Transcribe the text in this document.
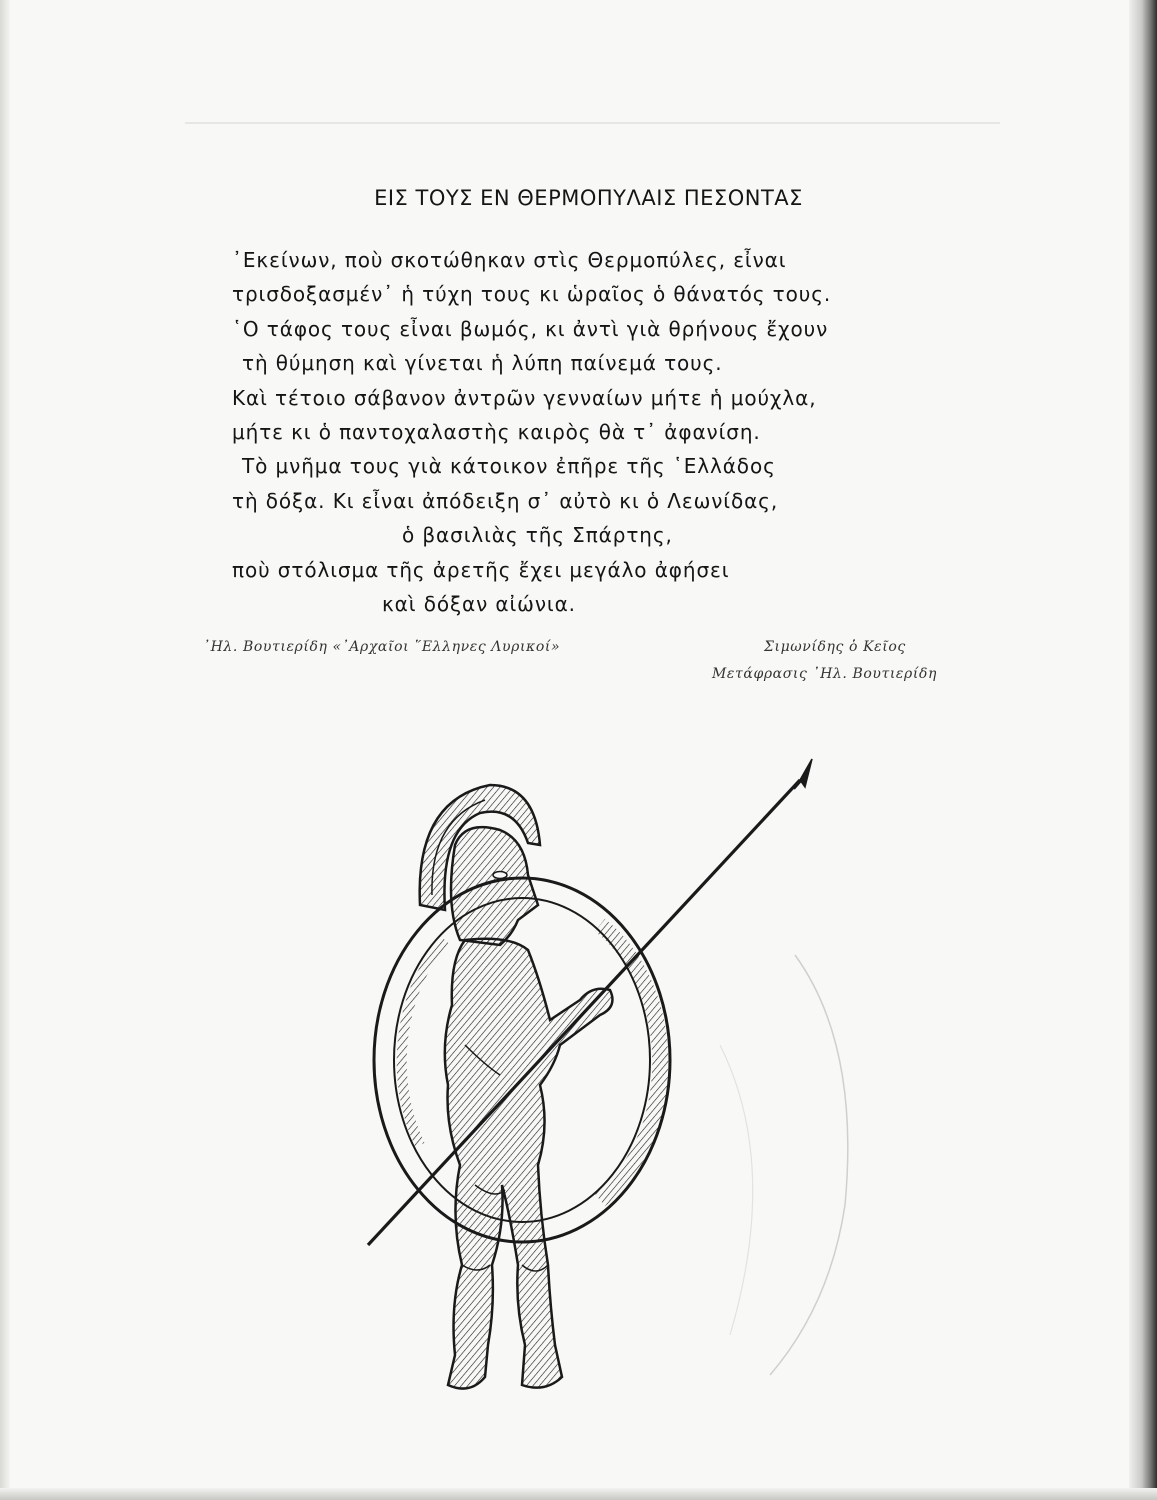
ΕΙΣ ΤΟΥΣ ΕΝ ΘΕΡΜΟΠΥΛΑΙΣ ΠΕΣΟΝΤΑΣ
᾿Εκείνων, ποὺ σκοτώθηκαν στὶς Θερμοπύλες, εἶναι
τρισδοξασμέν᾿ ἡ τύχη τους κι ὡραῖος ὁ θάνατός τους.
῾Ο τάφος τους εἶναι βωμός, κι ἀντὶ γιὰ θρήνους ἔχουν
τὴ θύμηση καὶ γίνεται ἡ λύπη παίνεμά τους.
Καὶ τέτοιο σάβανον ἀντρῶν γενναίων μήτε ἡ μούχλα,
μήτε κι ὁ παντοχαλαστὴς καιρὸς θὰ τ᾿ ἀφανίση.
Τὸ μνῆμα τους γιὰ κάτοικον ἐπῆρε τῆς ῾Ελλάδος
τὴ δόξα. Κι εἶναι ἀπόδειξη σ᾿ αὐτὸ κι ὁ Λεωνίδας,
ὁ βασιλιὰς τῆς Σπάρτης,
ποὺ στόλισμα τῆς ἀρετῆς ἔχει μεγάλο ἀφήσει
καὶ δόξαν αἰώνια.
᾿Ηλ. Βουτιερίδη «᾿Αρχαῖοι ῞Ελληνες Λυρικοί»	Σιμωνίδης ὁ Κεῖος
Μετάφρασις ᾿Ηλ. Βουτιερίδη
